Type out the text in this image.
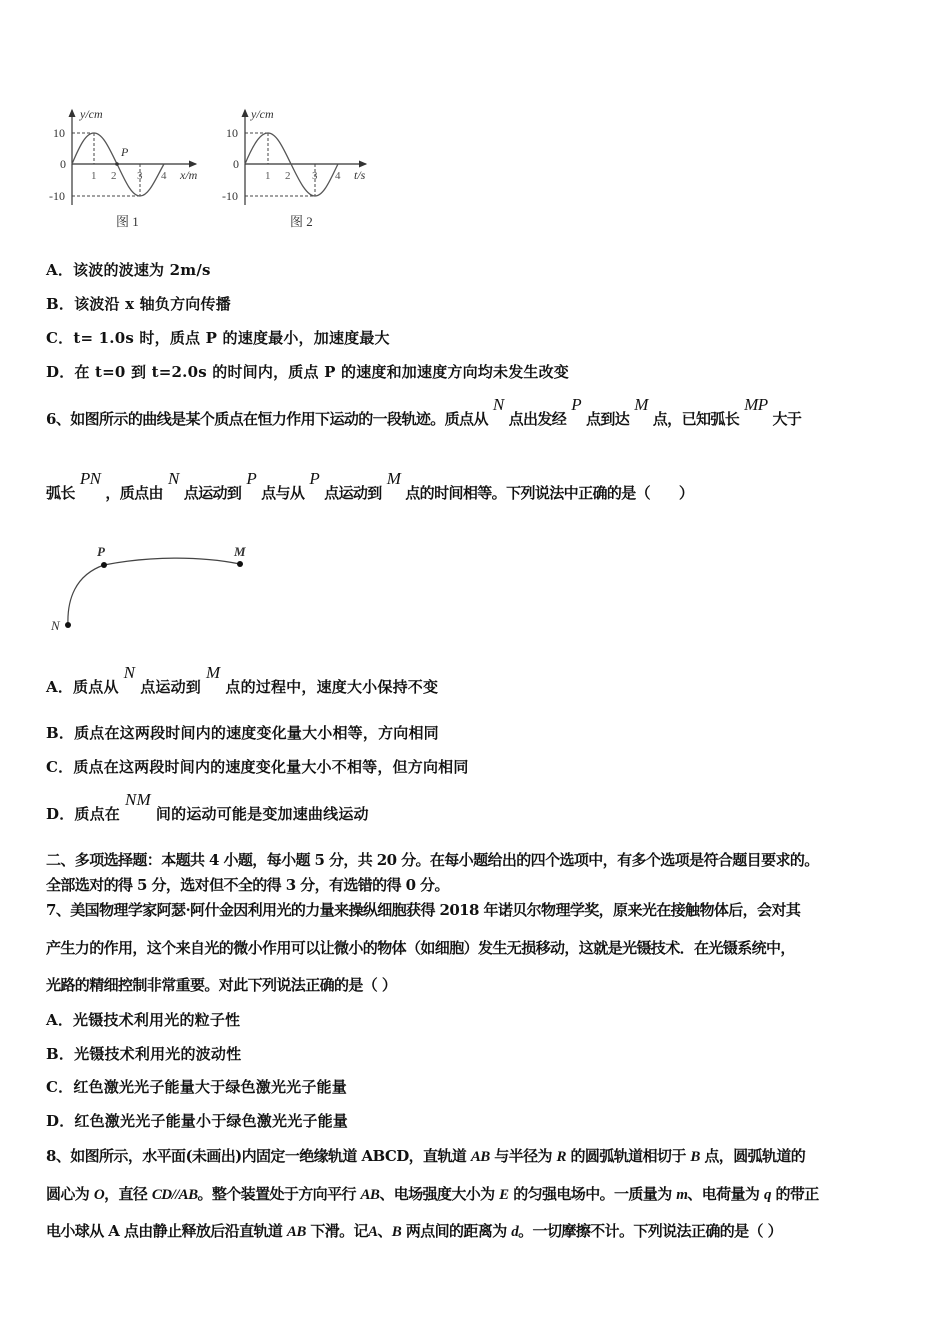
y/cm
10
0
-10
1 2 3 4
P
x/m
图 1
y/cm
10
0
-10
1 2 3 4 t/s
图 2
A．该波的波速为 2m/s
B．该波沿 x 轴负方向传播
C．t= 1.0s 时，质点 P 的速度最小，加速度最大
D．在 t=0 到 t=2.0s 的时间内，质点 P 的速度和加速度方向均未发生改变
6、如图所示的曲线是某个质点在恒力作用下运动的一段轨迹。质点从N点出发经P点到达M点，已知弧长MP大于
弧长PN，质点由N点运动到P点与从P点运动到M点的时间相等。下列说法中正确的是（　　）
P	M
N
A．质点从N点运动到M点的过程中，速度大小保持不变
B．质点在这两段时间内的速度变化量大小相等，方向相同
C．质点在这两段时间内的速度变化量大小不相等，但方向相同
D．质点在NM间的运动可能是变加速曲线运动
二、多项选择题：本题共 4 小题，每小题 5 分，共 20 分。在每小题给出的四个选项中，有多个选项是符合题目要求的。
全部选对的得 5 分，选对但不全的得 3 分，有选错的得 0 分。
7、美国物理学家阿瑟·阿什金因利用光的力量来操纵细胞获得 2018 年诺贝尔物理学奖，原来光在接触物体后，会对其
产生力的作用，这个来自光的微小作用可以让微小的物体（如细胞）发生无损移动，这就是光镊技术．在光镊系统中，
光路的精细控制非常重要。对此下列说法正确的是（ ）
A．光镊技术利用光的粒子性
B．光镊技术利用光的波动性
C．红色激光光子能量大于绿色激光光子能量
D．红色激光光子能量小于绿色激光光子能量
8、如图所示，水平面(未画出)内固定一绝缘轨道 ABCD，直轨道 AB 与半径为 R 的圆弧轨道相切于 B 点，圆弧轨道的
圆心为 O，直径 CD//AB。整个装置处于方向平行 AB、电场强度大小为 E 的匀强电场中。一质量为 m、电荷量为 q 的带正
电小球从 A 点由静止释放后沿直轨道 AB 下滑。记A、B 两点间的距离为 d。一切摩擦不计。下列说法正确的是（ ）
